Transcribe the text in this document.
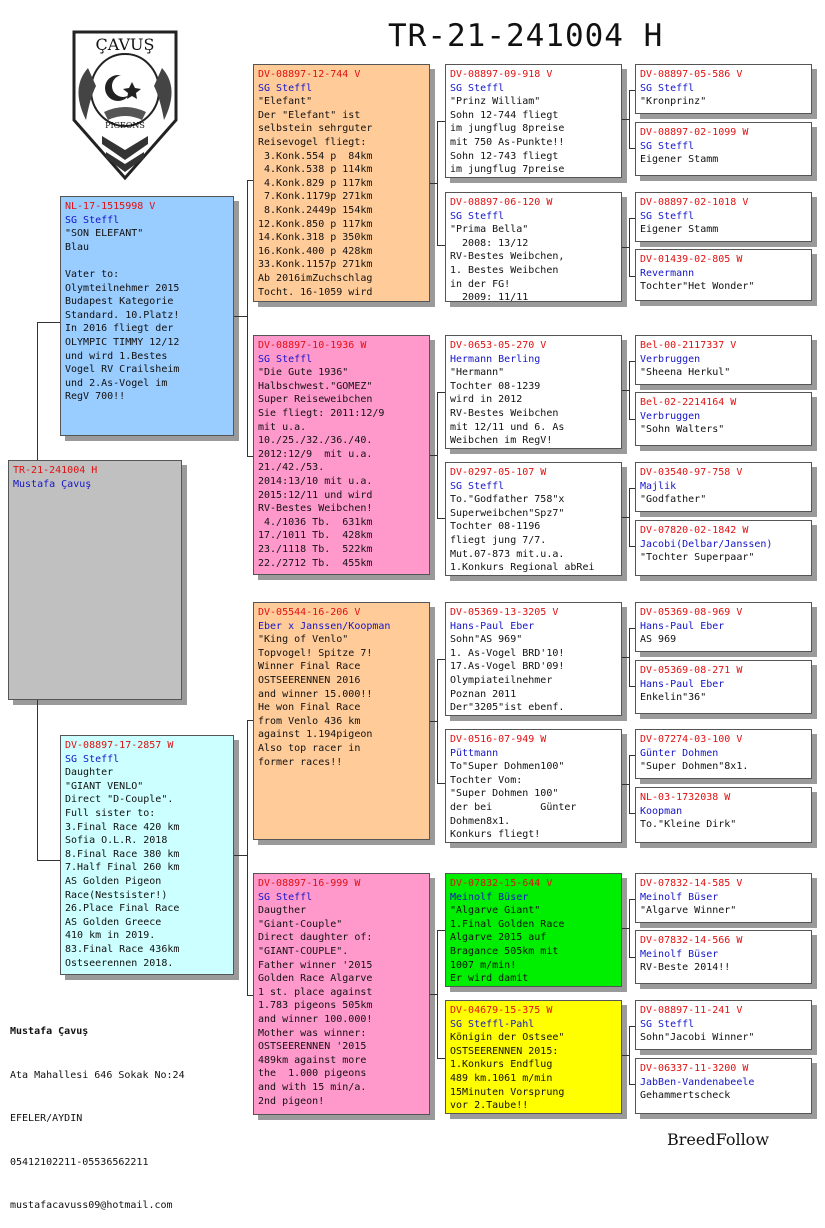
TR-21-241004 H
ÇAVUŞ
PIGEONS
TR-21-241004 H
Mustafa Çavuş
NL-17-1515998 V
SG Steffl
"SON ELEFANT"
Blau

Vater to:
Olymteilnehmer 2015
Budapest Kategorie
Standard. 10.Platz!
In 2016 fliegt der
OLYMPIC TIMMY 12/12
und wird 1.Bestes
Vogel RV Crailsheim
und 2.As-Vogel im
RegV 700!!
DV-08897-17-2857 W
SG Steffl
Daughter
"GIANT VENLO"
Direct "D-Couple".
Full sister to:
3.Final Race 420 km
Sofia O.L.R. 2018
8.Final Race 380 km
7.Half Final 260 km
AS Golden Pigeon
Race(Nestsister!)
26.Place Final Race
AS Golden Greece
410 km in 2019.
83.Final Race 436km
Ostseerennen 2018.
DV-08897-12-744 V
SG Steffl
"Elefant"
Der "Elefant" ist
selbstein sehrguter
Reisevogel fliegt:
3.Konk.554 p  84km
4.Konk.538 p 114km
4.Konk.829 p 117km
7.Konk.1179p 271km
8.Konk.2449p 154km
12.Konk.850 p 117km
14.Konk.318 p 350km
16.Konk.400 p 428km
33.Konk.1157p 271km
Ab 2016imZuchschlag
Tocht. 16-1059 wird
DV-08897-10-1936 W
SG Steffl
"Die Gute 1936"
Halbschwest."GOMEZ"
Super Reiseweibchen
Sie fliegt: 2011:12/9
mit u.a.
10./25./32./36./40.
2012:12/9  mit u.a.
21./42./53.
2014:13/10 mit u.a.
2015:12/11 und wird
RV-Bestes Weibchen!
4./1036 Tb.  631km
17./1011 Tb.  428km
23./1118 Tb.  522km
22./2712 Tb.  455km
DV-05544-16-206 V
Eber x Janssen/Koopman
"King of Venlo"
Topvogel! Spitze 7!
Winner Final Race
OSTSEERENNEN 2016
and winner 15.000!!
He won Final Race
from Venlo 436 km
against 1.194pigeon
Also top racer in
former races!!
DV-08897-16-999 W
SG Steffl
Daugther
"Giant-Couple"
Direct daughter of:
"GIANT-COUPLE".
Father winner '2015
Golden Race Algarve
1 st. place against
1.783 pigeons 505km
and winner 100.000!
Mother was winner:
OSTSEERENNEN '2015
489km against more
the  1.000 pigeons
and with 15 min/a.
2nd pigeon!
DV-08897-09-918 V
SG Steffl
"Prinz William"
Sohn 12-744 fliegt
im jungflug 8preise
mit 750 As-Punkte!!
Sohn 12-743 fliegt
im jungflug 7preise
DV-08897-06-120 W
SG Steffl
"Prima Bella"
2008: 13/12
RV-Bestes Weibchen,
1. Bestes Weibchen
in der FG!
2009: 11/11
DV-0653-05-270 V
Hermann Berling
"Hermann"
Tochter 08-1239
wird in 2012
RV-Bestes Weibchen
mit 12/11 und 6. As
Weibchen im RegV!
DV-0297-05-107 W
SG Steffl
To."Godfather 758"x
Superweibchen"Spz7"
Tochter 08-1196
fliegt jung 7/7.
Mut.07-873 mit.u.a.
1.Konkurs Regional abRei
DV-05369-13-3205 V
Hans-Paul Eber
Sohn"AS 969"
1. As-Vogel BRD'10!
17.As-Vogel BRD'09!
Olympiateilnehmer
Poznan 2011
Der"3205"ist ebenf.
DV-0516-07-949 W
Püttmann
To"Super Dohmen100"
Tochter Vom:
"Super Dohmen 100"
der bei        Günter
Dohmen8x1.
Konkurs fliegt!
DV-07832-15-644 V
Meinolf Büser
"Algarve Giant"
1.Final Golden Race
Algarve 2015 auf
Bragance 505km mit
1007 m/min!
Er wird damit
DV-04679-15-375 W
SG Steffl-Pahl
Königin der Ostsee"
OSTSEERENNEN 2015:
1.Konkurs Endflug
489 km.1061 m/min
15Minuten Vorsprung
vor 2.Taube!!
DV-08897-05-586 V
SG Steffl
"Kronprinz"
DV-08897-02-1099 W
SG Steffl
Eigener Stamm
DV-08897-02-1018 V
SG Steffl
Eigener Stamm
DV-01439-02-805 W
Revermann
Tochter"Het Wonder"
Bel-00-2117337 V
Verbruggen
"Sheena Herkul"
Bel-02-2214164 W
Verbruggen
"Sohn Walters"
DV-03540-97-758 V
Majlik
"Godfather"
DV-07820-02-1842 W
Jacobi(Delbar/Janssen)
"Tochter Superpaar"
DV-05369-08-969 V
Hans-Paul Eber
AS 969
DV-05369-08-271 W
Hans-Paul Eber
Enkelin"36"
DV-07274-03-100 V
Günter Dohmen
"Super Dohmen"8x1.
NL-03-1732038 W
Koopman
To."Kleine Dirk"
DV-07832-14-585 V
Meinolf Büser
"Algarve Winner"
DV-07832-14-566 W
Meinolf Büser
RV-Beste 2014!!
DV-08897-11-241 V
SG Steffl
Sohn"Jacobi Winner"
DV-06337-11-3200 W
JabBen-Vandenabeele
Gehammertscheck

Mustafa Çavuş

Ata Mahallesi 646 Sokak No:24

EFELER/AYDIN

05412102211-05536562211

mustafacavuss09@hotmail.com

BreedFollow
